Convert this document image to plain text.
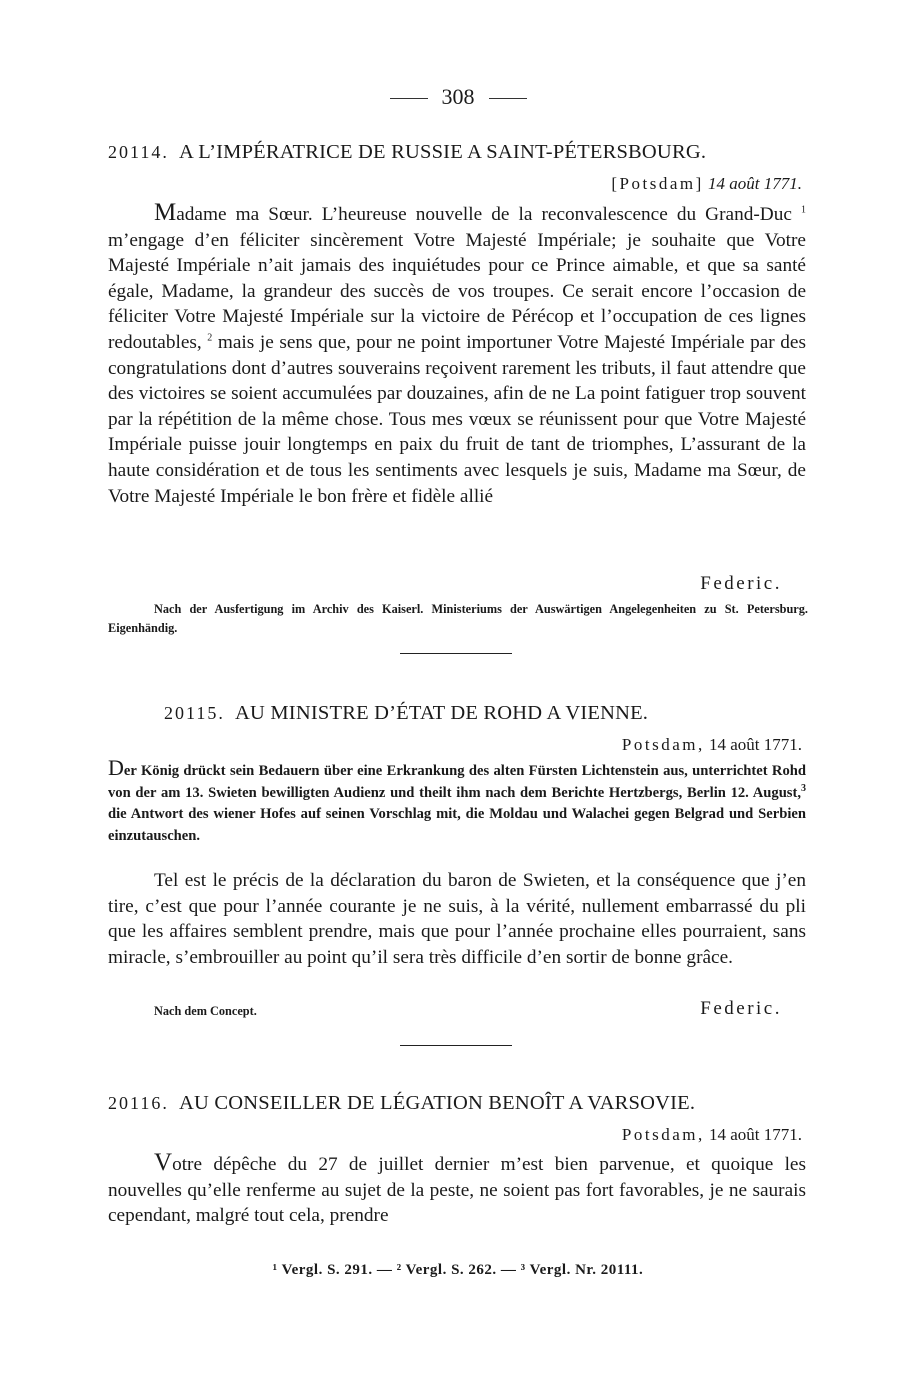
308
20114. A L’IMPÉRATRICE DE RUSSIE A SAINT-PÉTERSBOURG.
[Potsdam] 14 août 1771.

Madame ma Sœur. L’heureuse nouvelle de la reconvalescence du Grand-Duc $^1$ m’engage d’en féliciter sincèrement Votre Majesté Impériale; je souhaite que Votre Majesté Impériale n’ait jamais des inquiétudes pour ce Prince aimable, et que sa santé égale, Madame, la grandeur des succès de vos troupes. Ce serait encore l’occasion de féliciter Votre Majesté Impériale sur la victoire de Pérécop et l’occupation de ces lignes redoutables, $^2$ mais je sens que, pour ne point importuner Votre Majesté Impériale par des congratulations dont d’autres souverains reçoivent rarement les tributs, il faut attendre que des victoires se soient accumulées par douzaines, afin de ne La point fatiguer trop souvent par la répétition de la même chose. Tous mes vœux se réunissent pour que Votre Majesté Impériale puisse jouir longtemps en paix du fruit de tant de triomphes, L’assurant de la haute considération et de tous les sentiments avec lesquels je suis, Madame ma Sœur, de Votre Majesté Impériale le bon frère et fidèle allié

Federic.

Nach der Ausfertigung im Archiv des Kaiserl. Ministeriums der Auswärtigen Angelegenheiten zu St. Petersburg. Eigenhändig.

20115. AU MINISTRE D’ÉTAT DE ROHD A VIENNE.
Potsdam, 14 août 1771.

Der König drückt sein Bedauern über eine Erkrankung des alten Fürsten Lichtenstein aus, unterrichtet Rohd von der am 13. Swieten bewilligten Audienz und theilt ihm nach dem Berichte Hertzbergs, Berlin 12. August,$^3$ die Antwort des wiener Hofes auf seinen Vorschlag mit, die Moldau und Walachei gegen Belgrad und Serbien einzutauschen.

Tel est le précis de la déclaration du baron de Swieten, et la conséquence que j’en tire, c’est que pour l’année courante je ne suis, à la vérité, nullement embarrassé du pli que les affaires semblent prendre, mais que pour l’année prochaine elles pourraient, sans miracle, s’embrouiller au point qu’il sera très difficile d’en sortir de bonne grâce.

Nach dem Concept.	Federic.
20116. AU CONSEILLER DE LÉGATION BENOÎT A VARSOVIE.
Potsdam, 14 août 1771.

Votre dépêche du 27 de juillet dernier m’est bien parvenue, et quoique les nouvelles qu’elle renferme au sujet de la peste, ne soient pas fort favorables, je ne saurais cependant, malgré tout cela, prendre

¹ Vergl. S. 291. — ² Vergl. S. 262. — ³ Vergl. Nr. 20111.
